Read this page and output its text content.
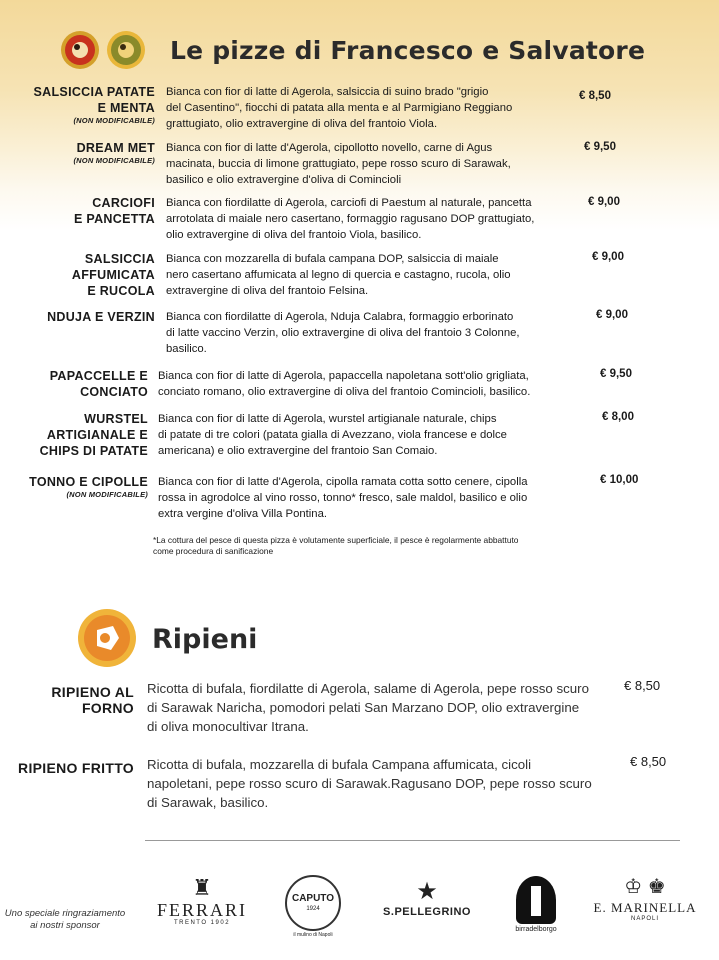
Le pizze di Francesco e Salvatore
SALSICCIA PATATE
E MENTA
(NON MODIFICABILE)
Bianca con fior di latte di Agerola, salsiccia di suino brado "grigio
del Casentino", fiocchi di patata alla menta e al Parmigiano Reggiano
grattugiato, olio extravergine di oliva del frantoio Viola.
€ 8,50
DREAM MET
(NON MODIFICABILE)
Bianca con fior di latte d'Agerola, cipollotto novello, carne di Agus
macinata, buccia di limone grattugiato, pepe rosso scuro di Sarawak,
basilico e olio extravergine d'oliva di Comincioli
€ 9,50
CARCIOFI
E PANCETTA
Bianca con fiordilatte di Agerola, carciofi di Paestum al naturale, pancetta
arrotolata di maiale nero casertano, formaggio ragusano DOP grattugiato,
olio extravergine di oliva del frantoio Viola, basilico.
€ 9,00
SALSICCIA
AFFUMICATA
E RUCOLA
Bianca con mozzarella di bufala campana DOP, salsiccia di maiale
nero casertano affumicata al legno di quercia e castagno, rucola, olio
extravergine di oliva del frantoio Felsina.
€ 9,00
NDUJA E VERZIN Bianca con fiordilatte di Agerola, Nduja Calabra, formaggio erborinato
di latte vaccino Verzin, olio extravergine di oliva del frantoio 3 Colonne,
basilico.
€ 9,00
PAPACCELLE E
CONCIATO
Bianca con fior di latte di Agerola, papaccella napoletana sott'olio grigliata,
conciato romano, olio extravergine di oliva del frantoio Comincioli, basilico.
€ 9,50
WURSTEL
ARTIGIANALE E
CHIPS DI PATATE
Bianca con fior di latte di Agerola, wurstel artigianale naturale, chips
di patate di tre colori (patata gialla di Avezzano, viola francese e dolce
americana) e olio extravergine del frantoio San Comaio.
€ 8,00
TONNO E CIPOLLE
(NON MODIFICABILE)
Bianca con fior di latte d'Agerola, cipolla ramata cotta sotto cenere, cipolla
rossa in agrodolce al vino rosso, tonno* fresco, sale maldol, basilico e olio
extra vergine d'oliva Villa Pontina.
€ 10,00
*La cottura del pesce di questa pizza è volutamente superficiale, il pesce è regolarmente abbattuto
come procedura di sanificazione
Ripieni
RIPIENO AL FORNO
Ricotta di bufala, fiordilatte di Agerola, salame di Agerola, pepe rosso scuro
di Sarawak Naricha, pomodori pelati San Marzano DOP, olio extravergine
di oliva monocultivar Itrana.
€ 8,50
RIPIENO FRITTO Ricotta di bufala, mozzarella di bufala Campana affumicata, cicoli
napoletani, pepe rosso scuro di Sarawak.Ragusano DOP, pepe rosso scuro
di Sarawak, basilico.
€ 8,50
Uno speciale ringraziamento
ai nostri sponsor
♜
FERRARI
TRENTO 1902
CAPUTO
1924
il mulino di Napoli
★
S.PELLEGRINO
birradelborgo
♔ ♚
E. MARINELLA
NAPOLI
